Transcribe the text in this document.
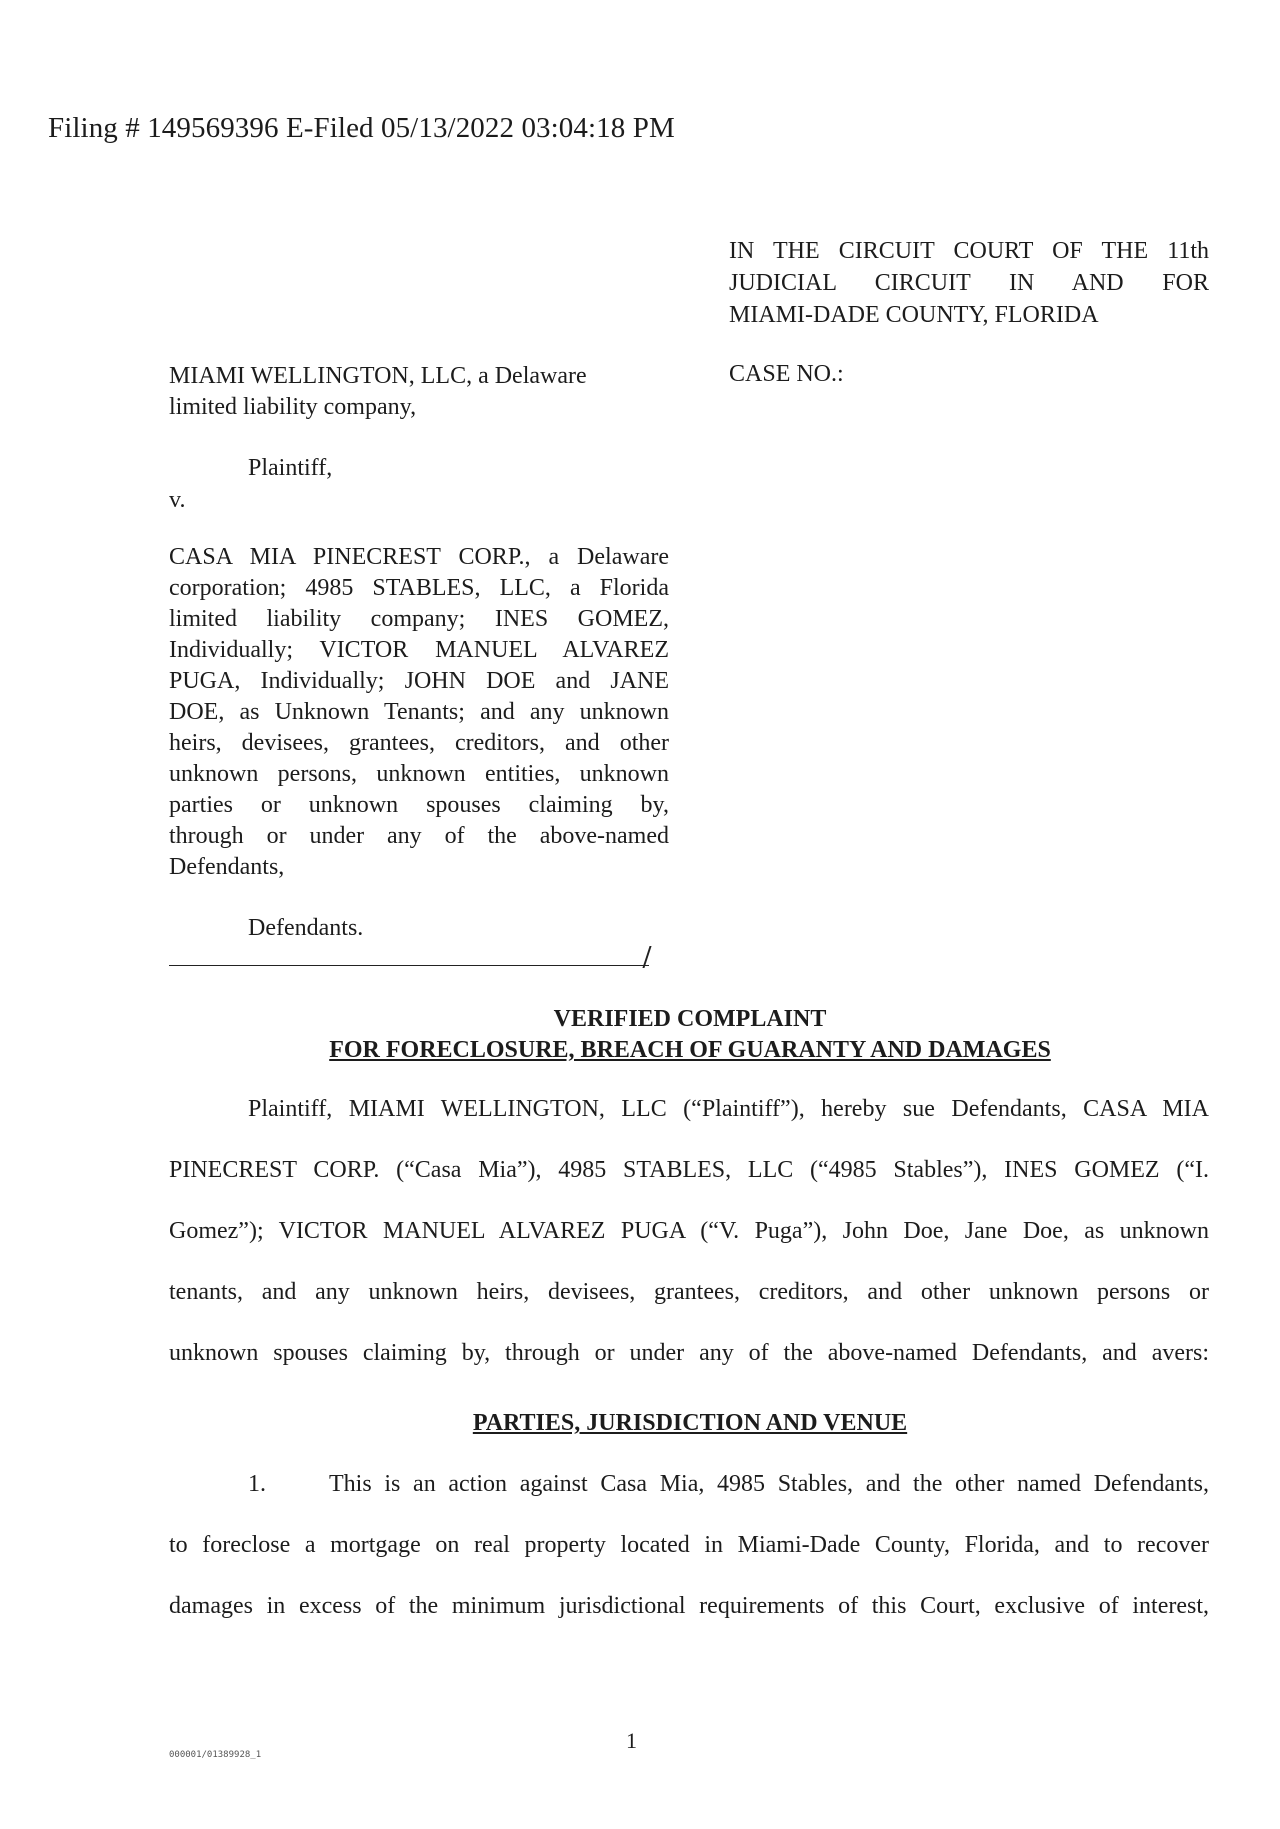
Filing # 149569396 E-Filed 05/13/2022 03:04:18 PM
IN THE CIRCUIT COURT OF THE 11th
JUDICIAL CIRCUIT IN AND FOR
MIAMI-DADE COUNTY, FLORIDA
CASE NO.:
MIAMI WELLINGTON, LLC, a Delaware
limited liability company,
Plaintiff,
v.
CASA MIA PINECREST CORP., a Delaware
corporation; 4985 STABLES, LLC, a Florida
limited liability company; INES GOMEZ,
Individually; VICTOR MANUEL ALVAREZ
PUGA, Individually; JOHN DOE and JANE
DOE, as Unknown Tenants; and any unknown
heirs, devisees, grantees, creditors, and other
unknown persons, unknown entities, unknown
parties or unknown spouses claiming by,
through or under any of the above-named
Defendants,
Defendants.
VERIFIED COMPLAINT
FOR FORECLOSURE, BREACH OF GUARANTY AND DAMAGES
Plaintiff, MIAMI WELLINGTON, LLC (“Plaintiff”), hereby sue Defendants, CASA MIA
PINECREST CORP. (“Casa Mia”), 4985 STABLES, LLC (“4985 Stables”), INES GOMEZ (“I.
Gomez”); VICTOR MANUEL ALVAREZ PUGA (“V. Puga”), John Doe, Jane Doe, as unknown
tenants, and any unknown heirs, devisees, grantees, creditors, and other unknown persons or
unknown spouses claiming by, through or under any of the above-named Defendants, and avers:
PARTIES, JURISDICTION AND VENUE
1.	This is an action against Casa Mia, 4985 Stables, and the other named Defendants,
to foreclose a mortgage on real property located in Miami-Dade County, Florida, and to recover
damages in excess of the minimum jurisdictional requirements of this Court, exclusive of interest,
1
000001/01389928_1
